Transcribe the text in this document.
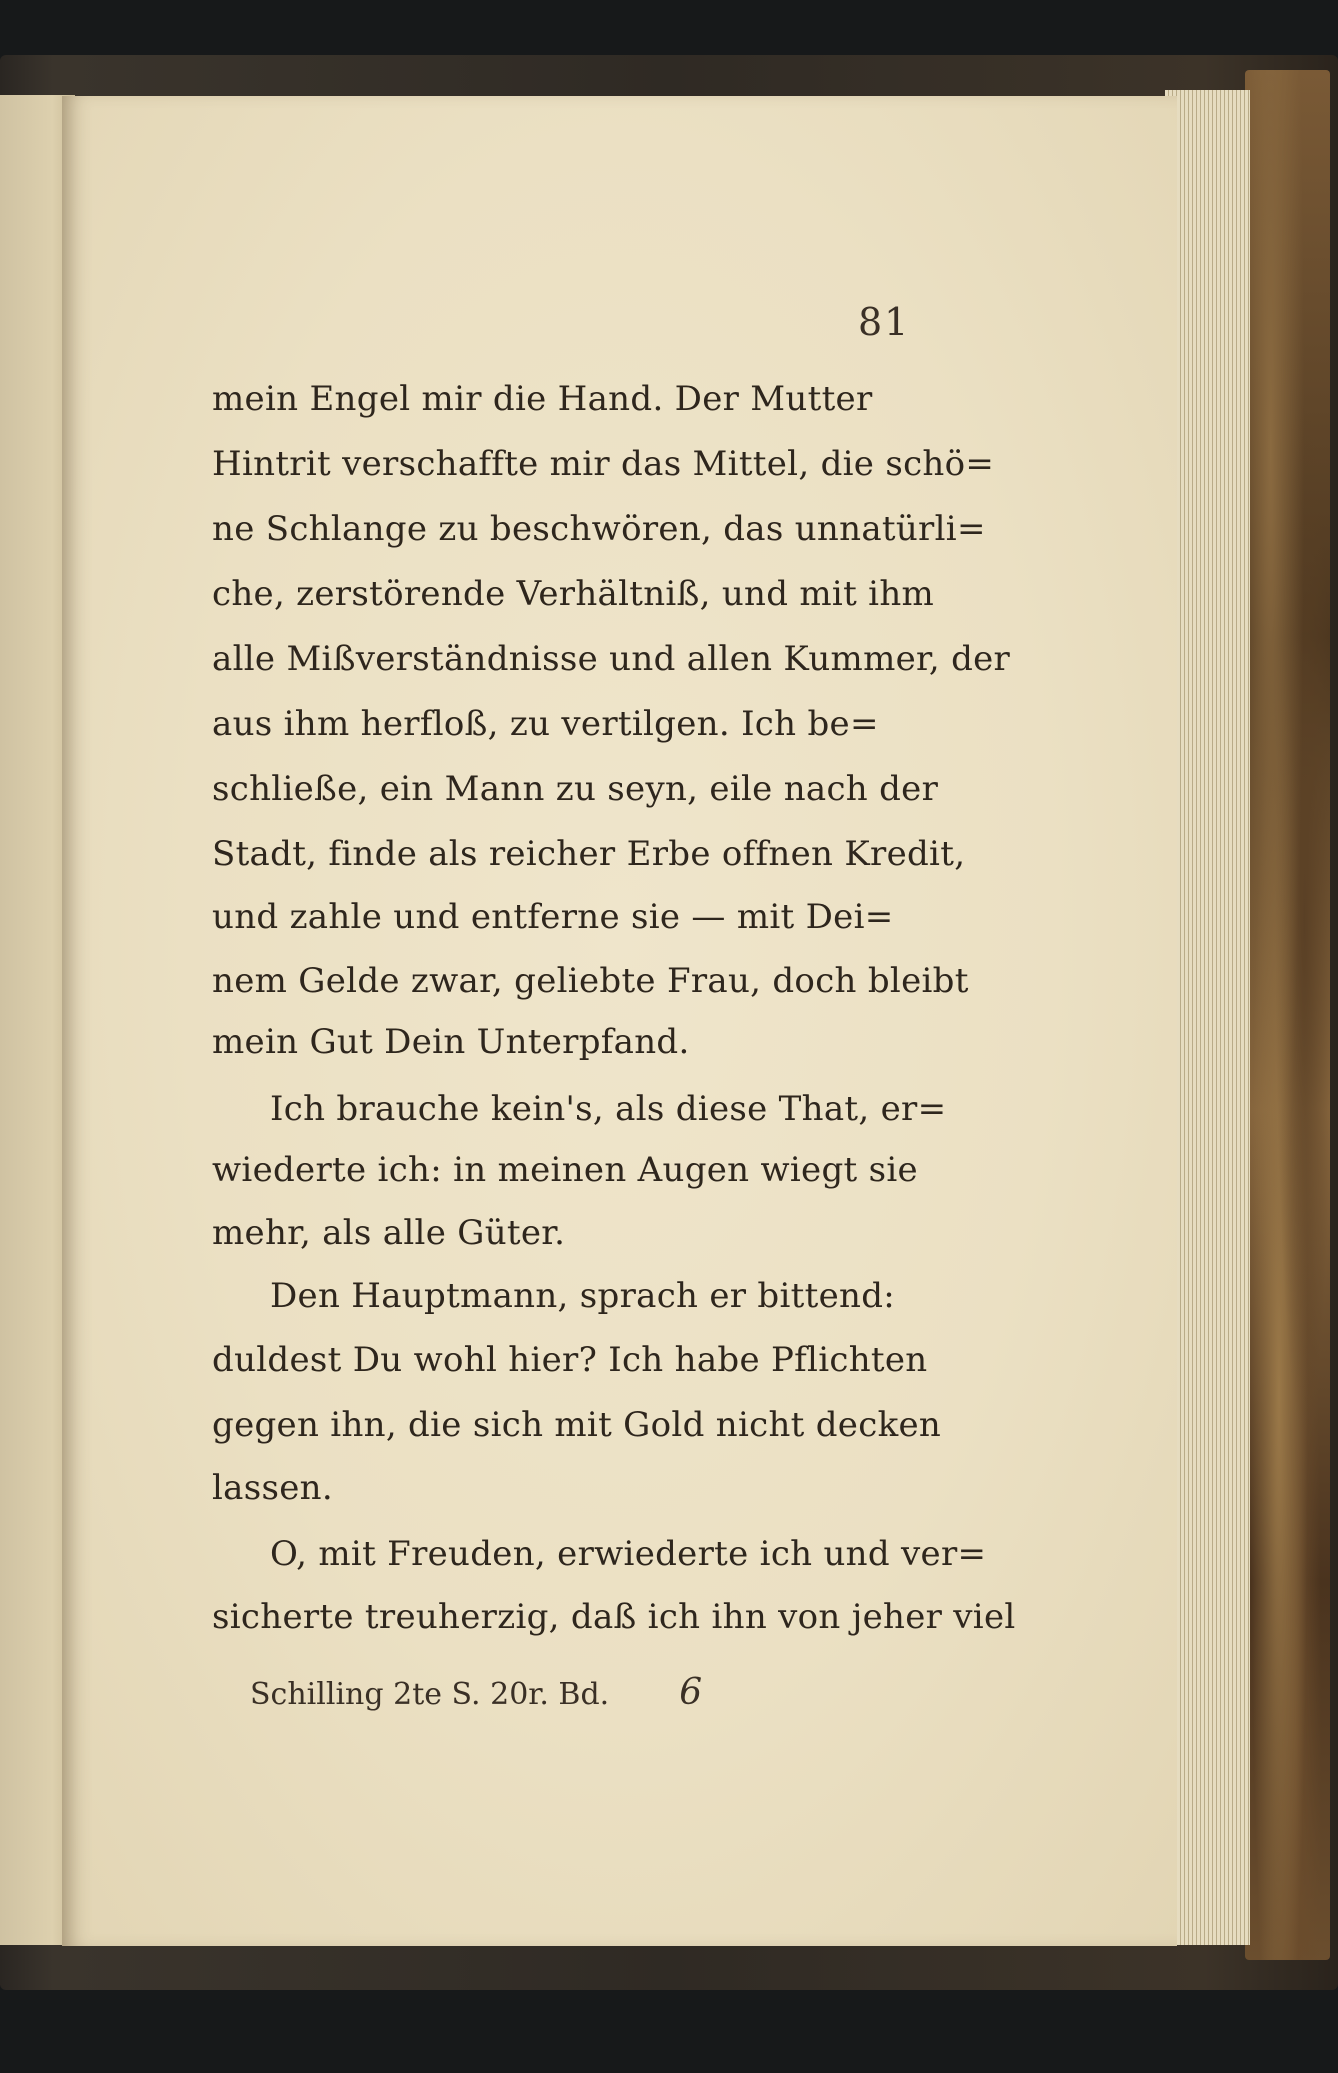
81
mein Engel mir die Hand. Der Mutter
Hintrit verschaffte mir das Mittel, die schö=
ne Schlange zu beschwören, das unnatürli=
che, zerstörende Verhältniß, und mit ihm
alle Mißverständnisse und allen Kummer, der
aus ihm herfloß, zu vertilgen. Ich be=
schließe, ein Mann zu seyn, eile nach der
Stadt, finde als reicher Erbe offnen Kredit,
und zahle und entferne sie — mit Dei=
nem Gelde zwar, geliebte Frau, doch bleibt
mein Gut Dein Unterpfand.
Ich brauche kein's, als diese That, er=
wiederte ich: in meinen Augen wiegt sie
mehr, als alle Güter.
Den Hauptmann, sprach er bittend:
duldest Du wohl hier? Ich habe Pflichten
gegen ihn, die sich mit Gold nicht decken
lassen.
O, mit Freuden, erwiederte ich und ver=
sicherte treuherzig, daß ich ihn von jeher viel
Schilling 2te S. 20r. Bd. 6
